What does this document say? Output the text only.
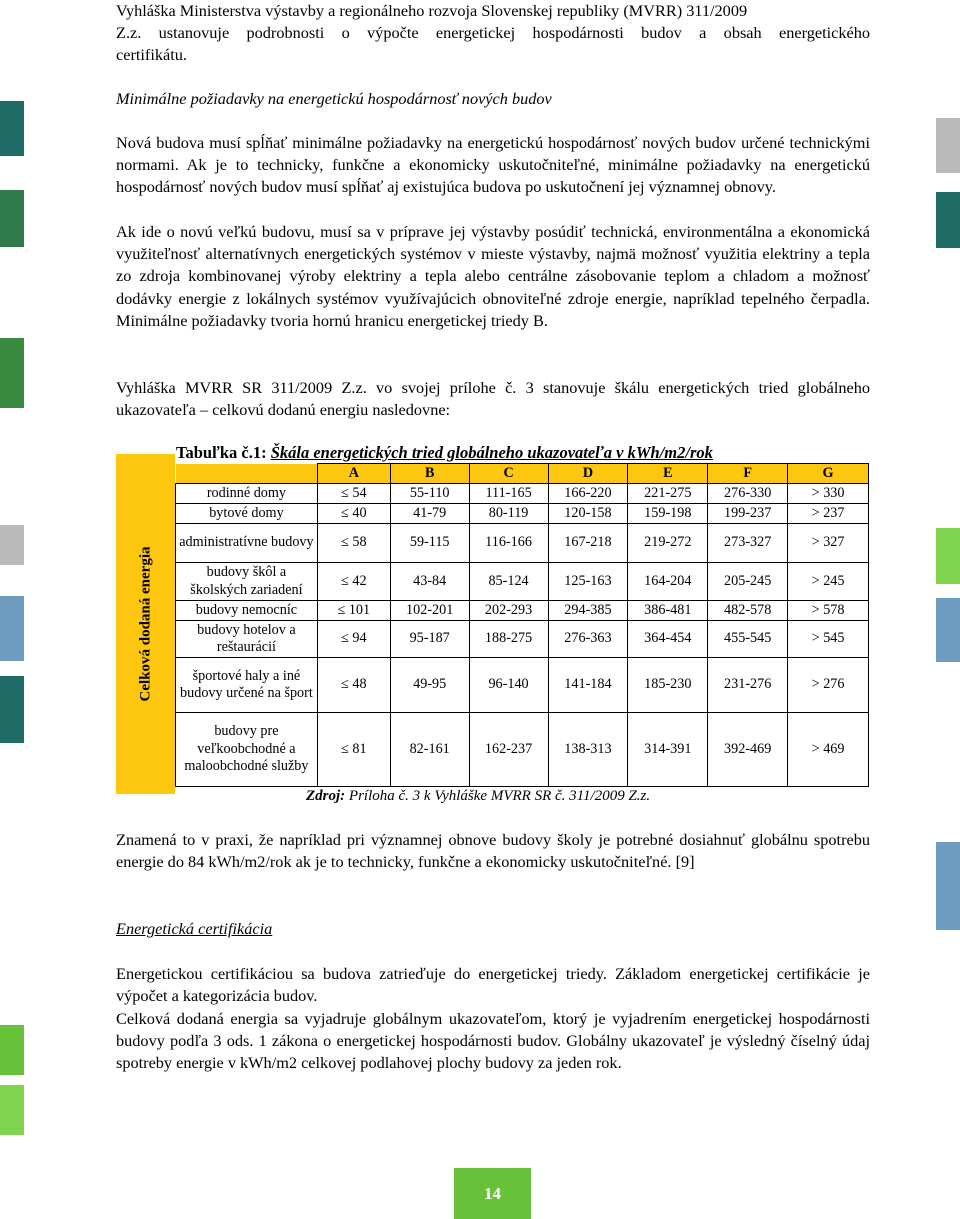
Vyhláška Ministerstva výstavby a regionálneho rozvoja Slovenskej republiky (MVRR) 311/2009

Z.z. ustanovuje podrobnosti o výpočte energetickej hospodárnosti budov a obsah energetického

certifikátu.

Minimálne požiadavky na energetickú hospodárnosť nových budov

Nová budova musí spĺňať minimálne požiadavky na energetickú hospodárnosť nových budov určené technickými normami. Ak je to technicky, funkčne a ekonomicky uskutočniteľné, minimálne požiadavky na energetickú hospodárnosť nových budov musí spĺňať aj existujúca budova po uskutočnení jej významnej obnovy.

Ak ide o novú veľkú budovu, musí sa v príprave jej výstavby posúdiť technická, environmentálna a ekonomická využiteľnosť alternatívnych energetických systémov v mieste výstavby, najmä možnosť využitia elektriny a tepla zo zdroja kombinovanej výroby elektriny a tepla alebo centrálne zásobovanie teplom a chladom a možnosť dodávky energie z lokálnych systémov využívajúcich obnoviteľné zdroje energie, napríklad tepelného čerpadla. Minimálne požiadavky tvoria hornú hranicu energetickej triedy B.

Vyhláška MVRR SR 311/2009 Z.z. vo svojej prílohe č. 3 stanovuje škálu energetických tried globálneho ukazovateľa – celkovú dodanú energiu nasledovne:

Tabuľka č.1: Škála energetických tried globálneho ukazovateľa v kWh/m2/rok
Celková dodaná energia
	A	B	C	D	E	F	G
rodinné domy	≤ 54	55-110	111-165	166-220	221-275	276-330	> 330
bytové domy	≤ 40	41-79	80-119	120-158	159-198	199-237	> 237
administratívne budovy	≤ 58	59-115	116-166	167-218	219-272	273-327	> 327
budovy škôl a školských zariadení	≤ 42	43-84	85-124	125-163	164-204	205-245	> 245
budovy nemocníc	≤ 101	102-201	202-293	294-385	386-481	482-578	> 578
budovy hotelov a reštaurácií	≤ 94	95-187	188-275	276-363	364-454	455-545	> 545
športové haly a iné budovy určené na šport	≤ 48	49-95	96-140	141-184	185-230	231-276	> 276
budovy pre veľkoobchodné a maloobchodné služby	≤ 81	82-161	162-237	138-313	314-391	392-469	> 469
Zdroj: Príloha č. 3 k Vyhláške MVRR SR č. 311/2009 Z.z.

Znamená to v praxi, že napríklad pri významnej obnove budovy školy je potrebné dosiahnuť globálnu spotrebu energie do 84 kWh/m2/rok ak je to technicky, funkčne a ekonomicky uskutočniteľné. [9]

Energetická certifikácia

Energetickou certifikáciou sa budova zatrieďuje do energetickej triedy. Základom energetickej certifikácie je výpočet a kategorizácia budov.

Celková dodaná energia sa vyjadruje globálnym ukazovateľom, ktorý je vyjadrením energetickej hospodárnosti budovy podľa 3 ods. 1 zákona o energetickej hospodárnosti budov. Globálny ukazovateľ je výsledný číselný údaj spotreby energie v kWh/m2 celkovej podlahovej plochy budovy za jeden rok.

14
